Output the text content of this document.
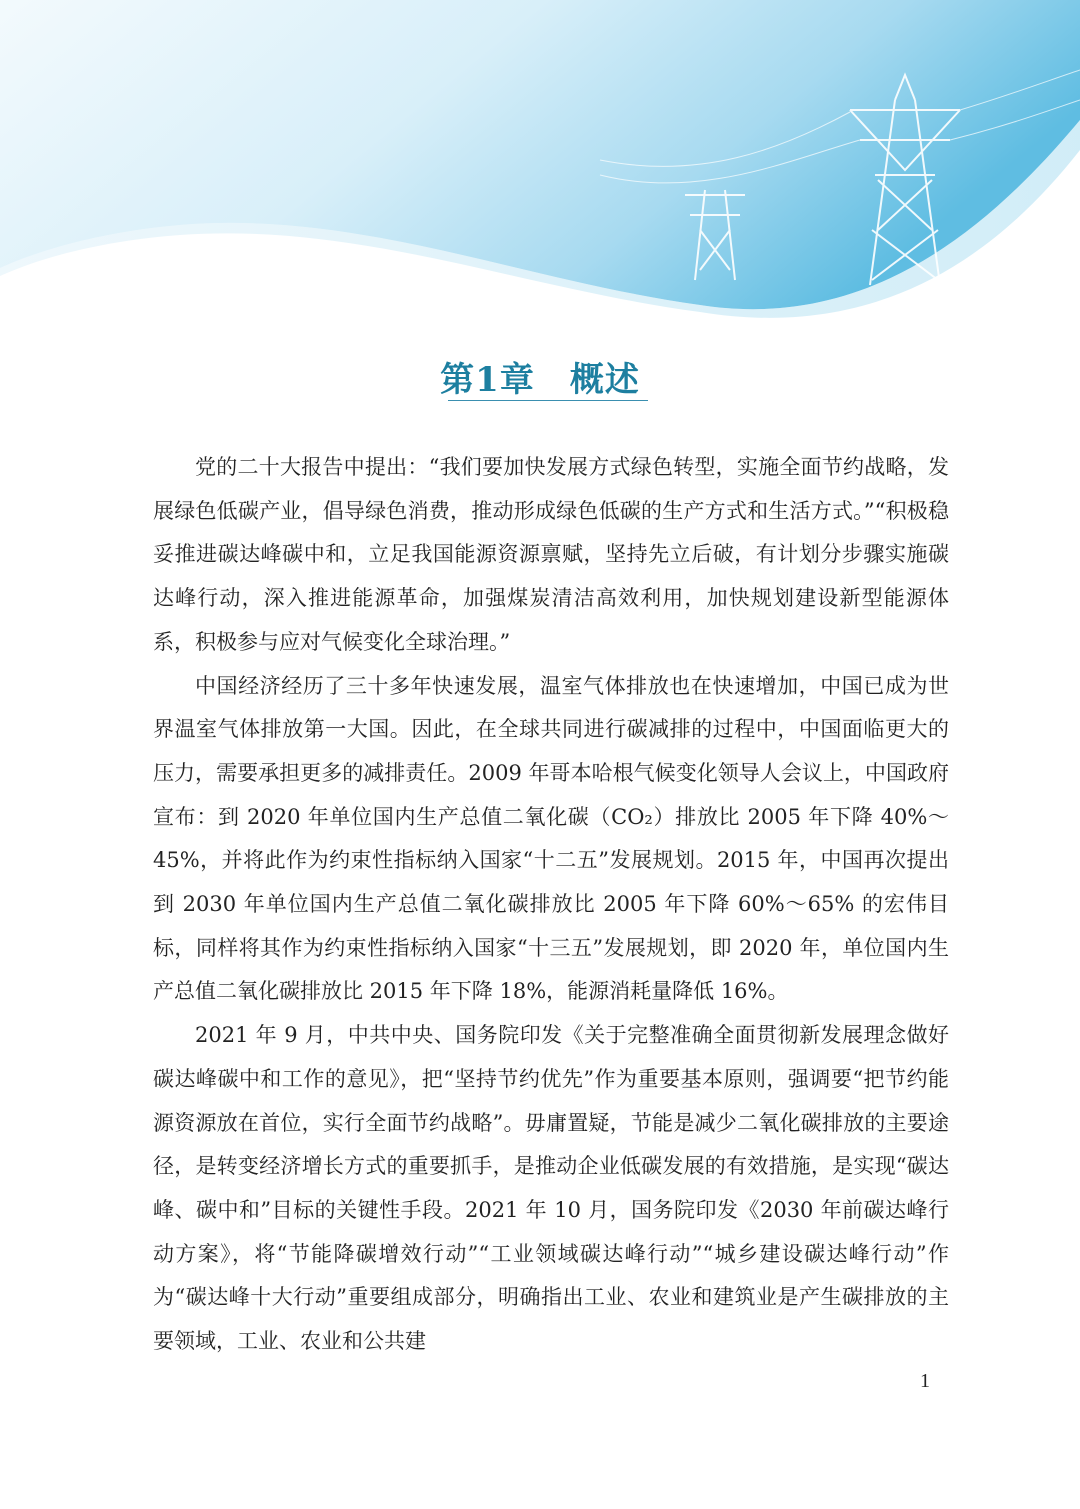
第1章　概述

党的二十大报告中提出：“我们要加快发展方式绿色转型，实施全面节约战略，发展绿色低碳产业，倡导绿色消费，推动形成绿色低碳的生产方式和生活方式。”“积极稳妥推进碳达峰碳中和，立足我国能源资源禀赋，坚持先立后破，有计划分步骤实施碳达峰行动，深入推进能源革命，加强煤炭清洁高效利用，加快规划建设新型能源体系，积极参与应对气候变化全球治理。”

中国经济经历了三十多年快速发展，温室气体排放也在快速增加，中国已成为世界温室气体排放第一大国。因此，在全球共同进行碳减排的过程中，中国面临更大的压力，需要承担更多的减排责任。2009 年哥本哈根气候变化领导人会议上，中国政府宣布：到 2020 年单位国内生产总值二氧化碳（CO₂）排放比 2005 年下降 40%～45%，并将此作为约束性指标纳入国家“十二五”发展规划。2015 年，中国再次提出到 2030 年单位国内生产总值二氧化碳排放比 2005 年下降 60%～65% 的宏伟目标，同样将其作为约束性指标纳入国家“十三五”发展规划，即 2020 年，单位国内生产总值二氧化碳排放比 2015 年下降 18%，能源消耗量降低 16%。

2021 年 9 月，中共中央、国务院印发《关于完整准确全面贯彻新发展理念做好碳达峰碳中和工作的意见》，把“坚持节约优先”作为重要基本原则，强调要“把节约能源资源放在首位，实行全面节约战略”。毋庸置疑，节能是减少二氧化碳排放的主要途径，是转变经济增长方式的重要抓手，是推动企业低碳发展的有效措施，是实现“碳达峰、碳中和”目标的关键性手段。2021 年 10 月，国务院印发《2030 年前碳达峰行动方案》，将“节能降碳增效行动”“工业领域碳达峰行动”“城乡建设碳达峰行动”作为“碳达峰十大行动”重要组成部分，明确指出工业、农业和建筑业是产生碳排放的主要领域，工业、农业和公共建

1
